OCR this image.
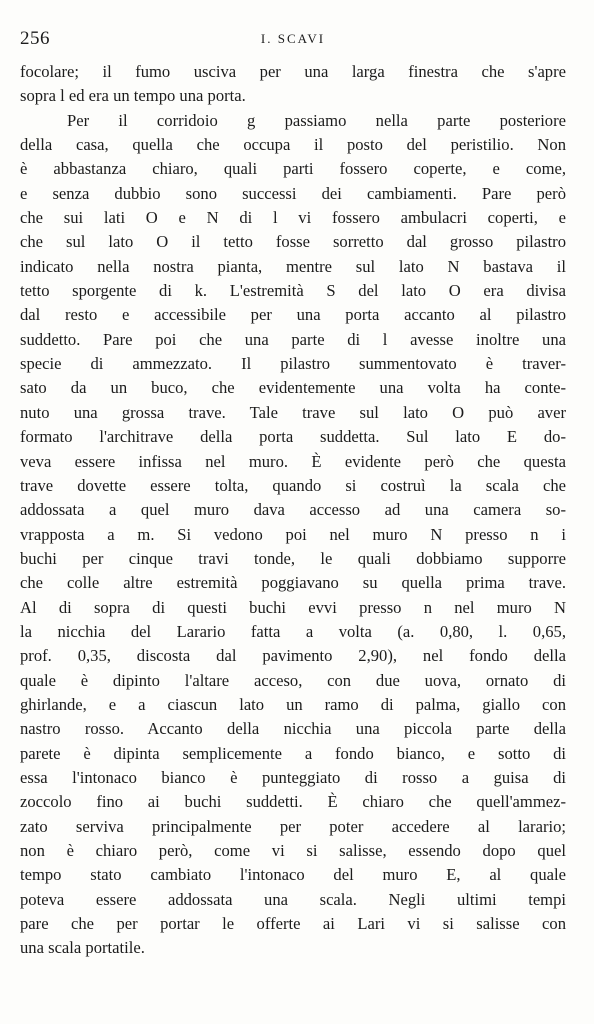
256	I. SCAVI
focolare; il fumo usciva per una larga finestra che s'apre
sopra l ed era un tempo una porta.
Per il corridoio g passiamo nella parte posteriore
della casa, quella che occupa il posto del peristilio. Non
è abbastanza chiaro, quali parti fossero coperte, e come,
e senza dubbio sono successi dei cambiamenti. Pare però
che sui lati O e N di l vi fossero ambulacri coperti, e
che sul lato O il tetto fosse sorretto dal grosso pilastro
indicato nella nostra pianta, mentre sul lato N bastava il
tetto sporgente di k. L'estremità S del lato O era divisa
dal resto e accessibile per una porta accanto al pilastro
suddetto. Pare poi che una parte di l avesse inoltre una
specie di ammezzato. Il pilastro summentovato è traver-
sato da un buco, che evidentemente una volta ha conte-
nuto una grossa trave. Tale trave sul lato O può aver
formato l'architrave della porta suddetta. Sul lato E do-
veva essere infissa nel muro. È evidente però che questa
trave dovette essere tolta, quando si costruì la scala che
addossata a quel muro dava accesso ad una camera so-
vrapposta a m. Si vedono poi nel muro N presso n i
buchi per cinque travi tonde, le quali dobbiamo supporre
che colle altre estremità poggiavano su quella prima trave.
Al di sopra di questi buchi evvi presso n nel muro N
la nicchia del Larario fatta a volta (a. 0,80, l. 0,65,
prof. 0,35, discosta dal pavimento 2,90), nel fondo della
quale è dipinto l'altare acceso, con due uova, ornato di
ghirlande, e a ciascun lato un ramo di palma, giallo con
nastro rosso. Accanto della nicchia una piccola parte della
parete è dipinta semplicemente a fondo bianco, e sotto di
essa l'intonaco bianco è punteggiato di rosso a guisa di
zoccolo fino ai buchi suddetti. È chiaro che quell'ammez-
zato serviva principalmente per poter accedere al larario;
non è chiaro però, come vi si salisse, essendo dopo quel
tempo stato cambiato l'intonaco del muro E, al quale
poteva essere addossata una scala. Negli ultimi tempi
pare che per portar le offerte ai Lari vi si salisse con
una scala portatile.
